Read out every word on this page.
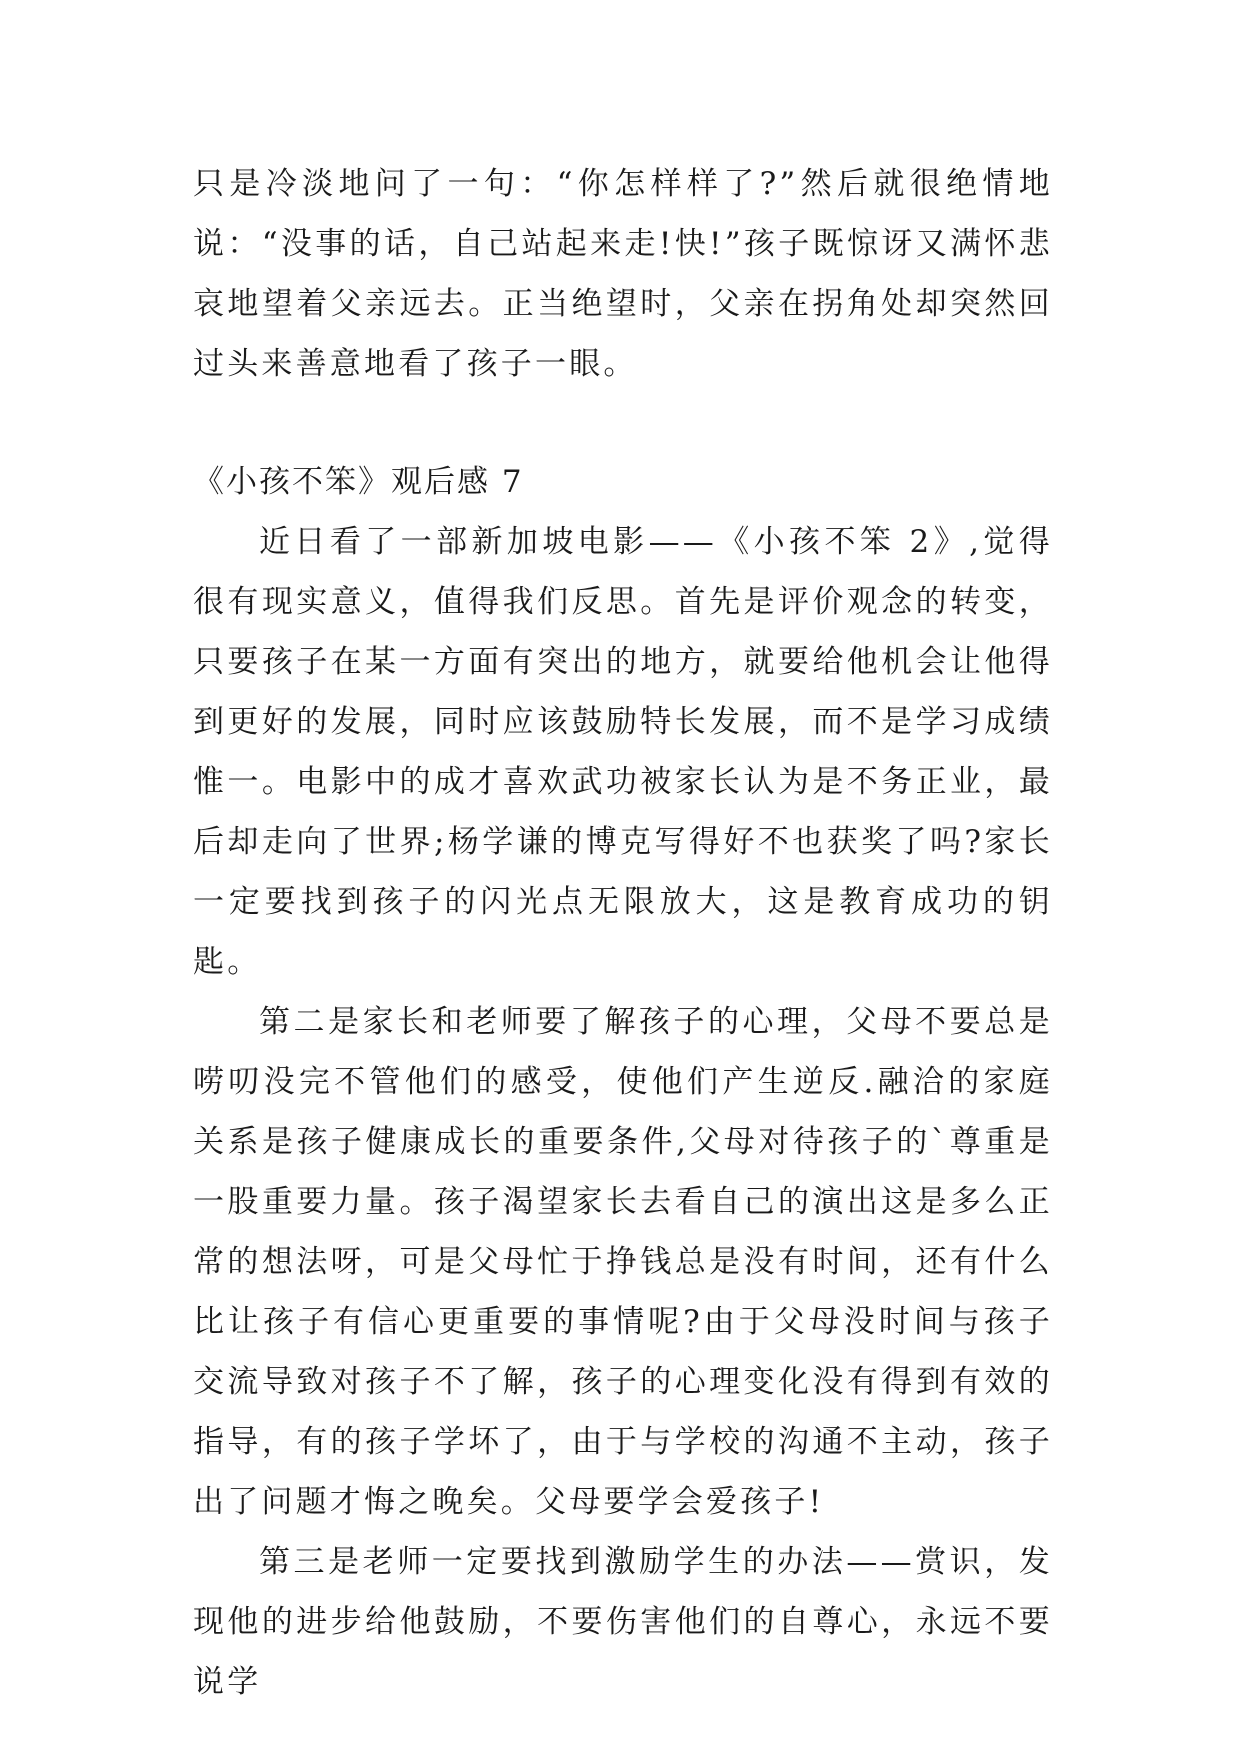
只是冷淡地问了一句：“你怎样样了?”然后就很绝情地说：“没事的话，自己站起来走!快!”孩子既惊讶又满怀悲哀地望着父亲远去。正当绝望时，父亲在拐角处却突然回过头来善意地看了孩子一眼。

《小孩不笨》观后感 7

近日看了一部新加坡电影——《小孩不笨 2》,觉得很有现实意义，值得我们反思。首先是评价观念的转变，只要孩子在某一方面有突出的地方，就要给他机会让他得到更好的发展，同时应该鼓励特长发展，而不是学习成绩惟一。电影中的成才喜欢武功被家长认为是不务正业，最后却走向了世界;杨学谦的博克写得好不也获奖了吗?家长一定要找到孩子的闪光点无限放大，这是教育成功的钥匙。

第二是家长和老师要了解孩子的心理，父母不要总是唠叨没完不管他们的感受，使他们产生逆反.融洽的家庭关系是孩子健康成长的重要条件,父母对待孩子的`尊重是一股重要力量。孩子渴望家长去看自己的演出这是多么正常的想法呀，可是父母忙于挣钱总是没有时间，还有什么比让孩子有信心更重要的事情呢?由于父母没时间与孩子交流导致对孩子不了解，孩子的心理变化没有得到有效的指导，有的孩子学坏了，由于与学校的沟通不主动，孩子出了问题才悔之晚矣。父母要学会爱孩子!

第三是老师一定要找到激励学生的办法——赏识，发现他的进步给他鼓励，不要伤害他们的自尊心，永远不要说学
